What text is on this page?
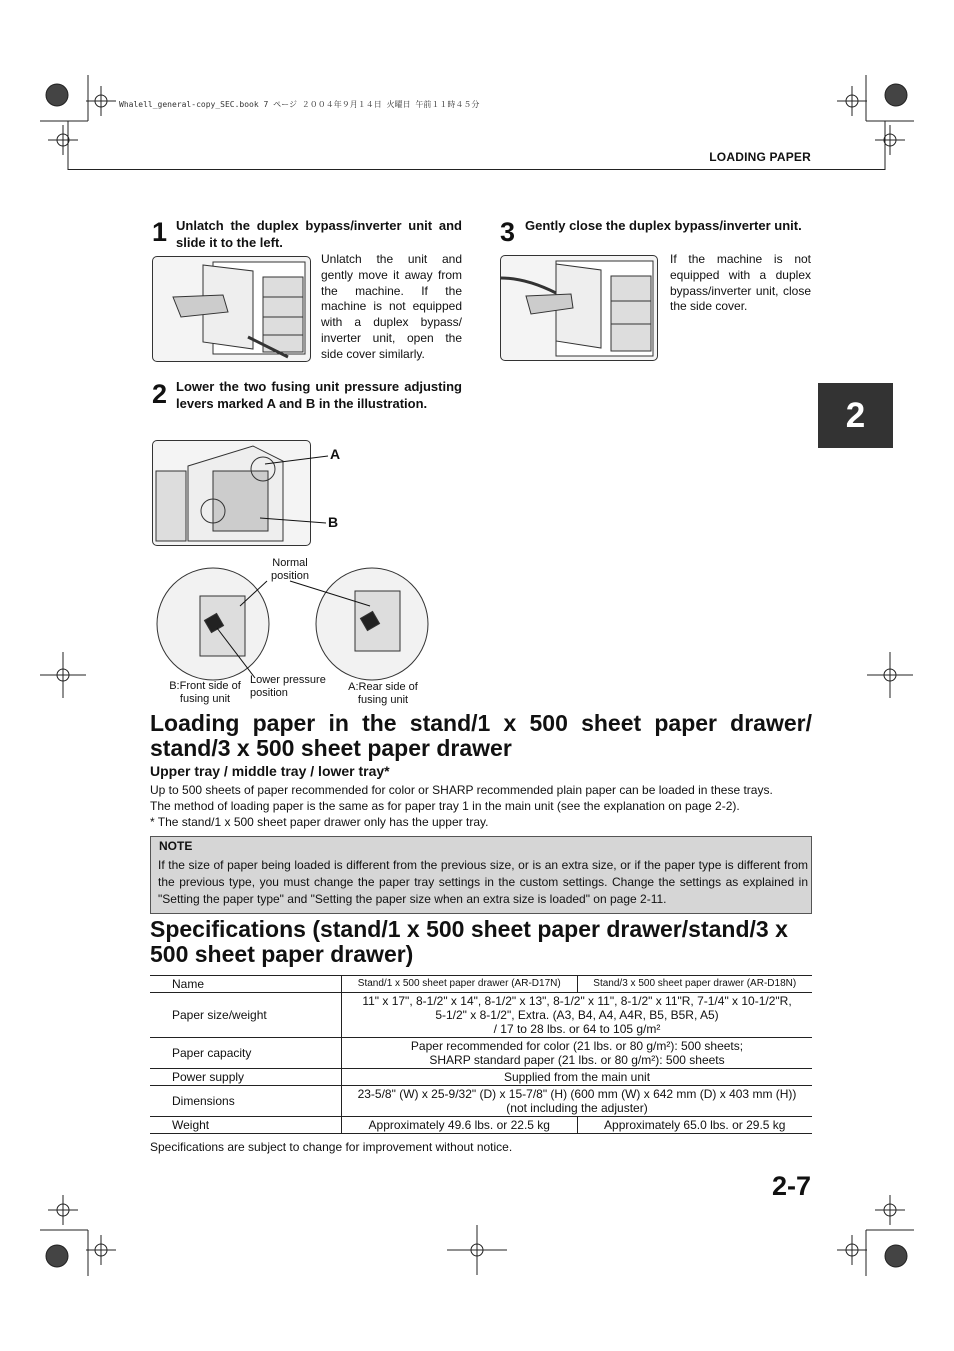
Whalell_general-copy_SEC.book 7 ページ ２００４年９月１４日 火曜日 午前１１時４５分
LOADING PAPER
2
1 Unlatch the duplex bypass/inverter unit and slide it to the left.
Unlatch the unit and gently move it away from the machine. If the machine is not equipped with a duplex bypass/ inverter unit, open the side cover similarly.
2 Lower the two fusing unit pressure adjusting levers marked A and B in the illustration.
A
B
Normal position
Lower pressure position
B:Front side of fusing unit
A:Rear side of fusing unit
3 Gently close the duplex bypass/inverter unit.
If the machine is not equipped with a duplex bypass/inverter unit, close the side cover.
Loading paper in the stand/1 x 500 sheet paper drawer/ stand/3 x 500 sheet paper drawer
Upper tray / middle tray / lower tray*
Up to 500 sheets of paper recommended for color or SHARP recommended plain paper can be loaded in these trays.
The method of loading paper is the same as for paper tray 1 in the main unit (see the explanation on page 2-2).
* The stand/1 x 500 sheet paper drawer only has the upper tray.
NOTE
If the size of paper being loaded is different from the previous size, or is an extra size, or if the paper type is different from the previous type, you must change the paper tray settings in the custom settings. Change the settings as explained in "Setting the paper type" and "Setting the paper size when an extra size is loaded" on page 2-11.
Specifications (stand/1 x 500 sheet paper drawer/stand/3 x 500 sheet paper drawer)
Name	Stand/1 x 500 sheet paper drawer (AR-D17N)	Stand/3 x 500 sheet paper drawer (AR-D18N)
Paper size/weight	11" x 17", 8-1/2" x 14", 8-1/2" x 13", 8-1/2" x 11", 8-1/2" x 11"R, 7-1/4" x 10-1/2"R,
5-1/2" x 8-1/2", Extra. (A3, B4, A4, A4R, B5, B5R, A5)
/ 17 to 28 lbs. or 64 to 105 g/m²	

Paper capacity	Paper recommended for color (21 lbs. or 80 g/m²): 500 sheets;
SHARP standard paper (21 lbs. or 80 g/m²): 500 sheets	

Power supply	Supplied from the main unit	
Dimensions	23-5/8" (W) x 25-9/32" (D) x 15-7/8" (H) (600 mm (W) x 642 mm (D) x 403 mm (H))
(not including the adjuster)	

Weight	Approximately 49.6 lbs. or 22.5 kg	Approximately 65.0 lbs. or 29.5 kg
Specifications are subject to change for improvement without notice.
2-7
